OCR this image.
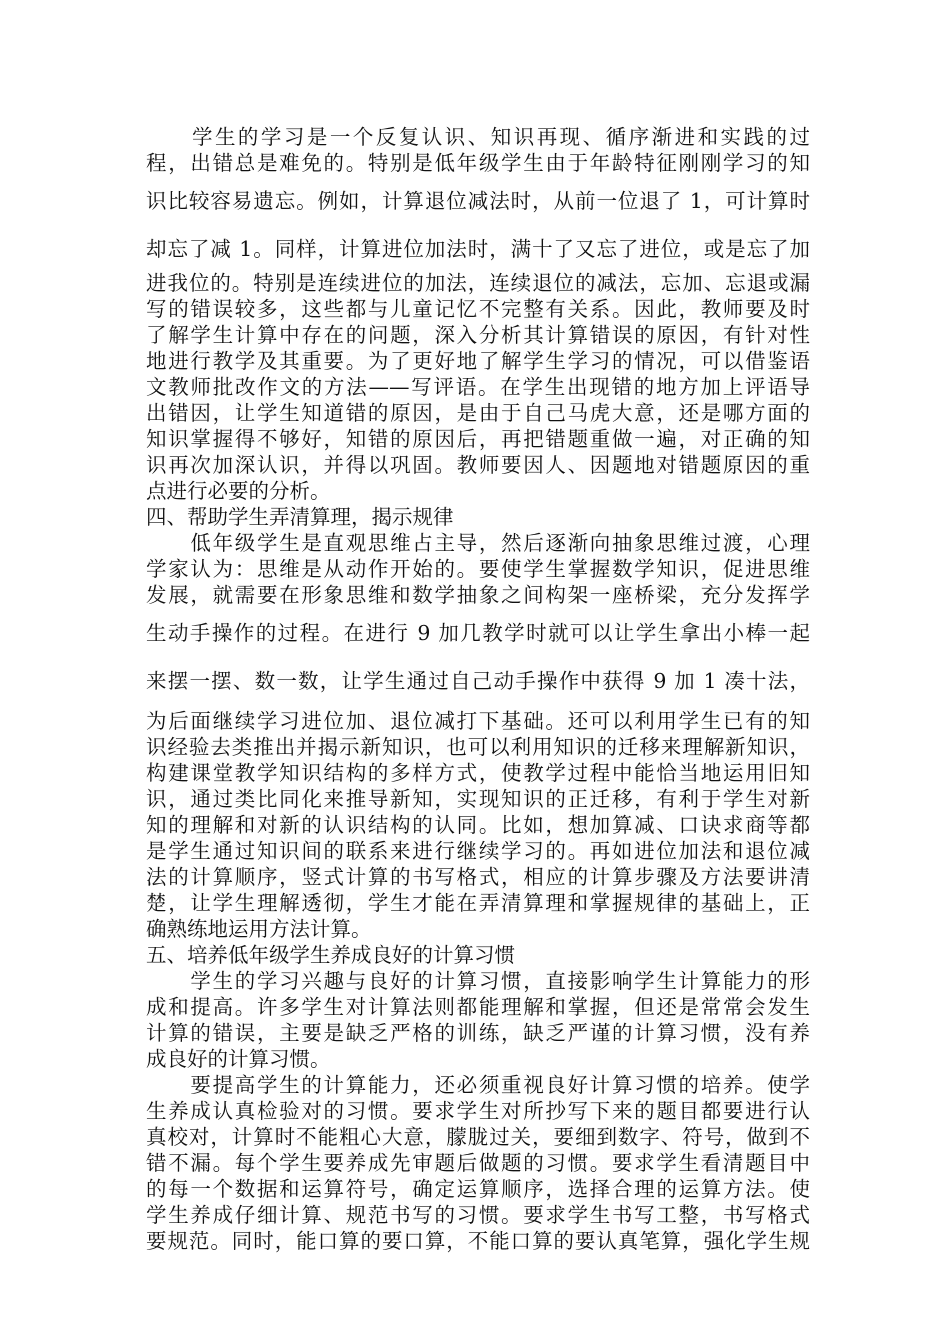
　　学生的学习是一个反复认识、知识再现、循序渐进和实践的过
程，出错总是难免的。特别是低年级学生由于年龄特征刚刚学习的知
识比较容易遗忘。例如，计算退位减法时，从前一位退了 1，可计算时
却忘了减 1。同样，计算进位加法时，满十了又忘了进位，或是忘了加
进我位的。特别是连续进位的加法，连续退位的减法，忘加、忘退或漏
写的错误较多，这些都与儿童记忆不完整有关系。因此，教师要及时
了解学生计算中存在的问题，深入分析其计算错误的原因，有针对性
地进行教学及其重要。为了更好地了解学生学习的情况，可以借鉴语
文教师批改作文的方法——写评语。在学生出现错的地方加上评语导
出错因，让学生知道错的原因，是由于自己马虎大意，还是哪方面的
知识掌握得不够好，知错的原因后，再把错题重做一遍，对正确的知
识再次加深认识，并得以巩固。教师要因人、因题地对错题原因的重
点进行必要的分析。
四、帮助学生弄清算理，揭示规律
　　低年级学生是直观思维占主导，然后逐渐向抽象思维过渡，心理
学家认为：思维是从动作开始的。要使学生掌握数学知识，促进思维
发展，就需要在形象思维和数学抽象之间构架一座桥梁，充分发挥学
生动手操作的过程。在进行 9 加几教学时就可以让学生拿出小棒一起
来摆一摆、数一数，让学生通过自己动手操作中获得 9 加 1 凑十法，
为后面继续学习进位加、退位减打下基础。还可以利用学生已有的知
识经验去类推出并揭示新知识，也可以利用知识的迁移来理解新知识，
构建课堂教学知识结构的多样方式，使教学过程中能恰当地运用旧知
识，通过类比同化来推导新知，实现知识的正迁移，有利于学生对新
知的理解和对新的认识结构的认同。比如，想加算减、口诀求商等都
是学生通过知识间的联系来进行继续学习的。再如进位加法和退位减
法的计算顺序，竖式计算的书写格式，相应的计算步骤及方法要讲清
楚，让学生理解透彻，学生才能在弄清算理和掌握规律的基础上，正
确熟练地运用方法计算。
五、培养低年级学生养成良好的计算习惯
　　学生的学习兴趣与良好的计算习惯，直接影响学生计算能力的形
成和提高。许多学生对计算法则都能理解和掌握，但还是常常会发生
计算的错误，主要是缺乏严格的训练，缺乏严谨的计算习惯，没有养
成良好的计算习惯。
　　要提高学生的计算能力，还必须重视良好计算习惯的培养。使学
生养成认真检验对的习惯。要求学生对所抄写下来的题目都要进行认
真校对，计算时不能粗心大意，朦胧过关，要细到数字、符号，做到不
错不漏。每个学生要养成先审题后做题的习惯。要求学生看清题目中
的每一个数据和运算符号，确定运算顺序，选择合理的运算方法。使
学生养成仔细计算、规范书写的习惯。要求学生书写工整，书写格式
要规范。同时，能口算的要口算，不能口算的要认真笔算，强化学生规
